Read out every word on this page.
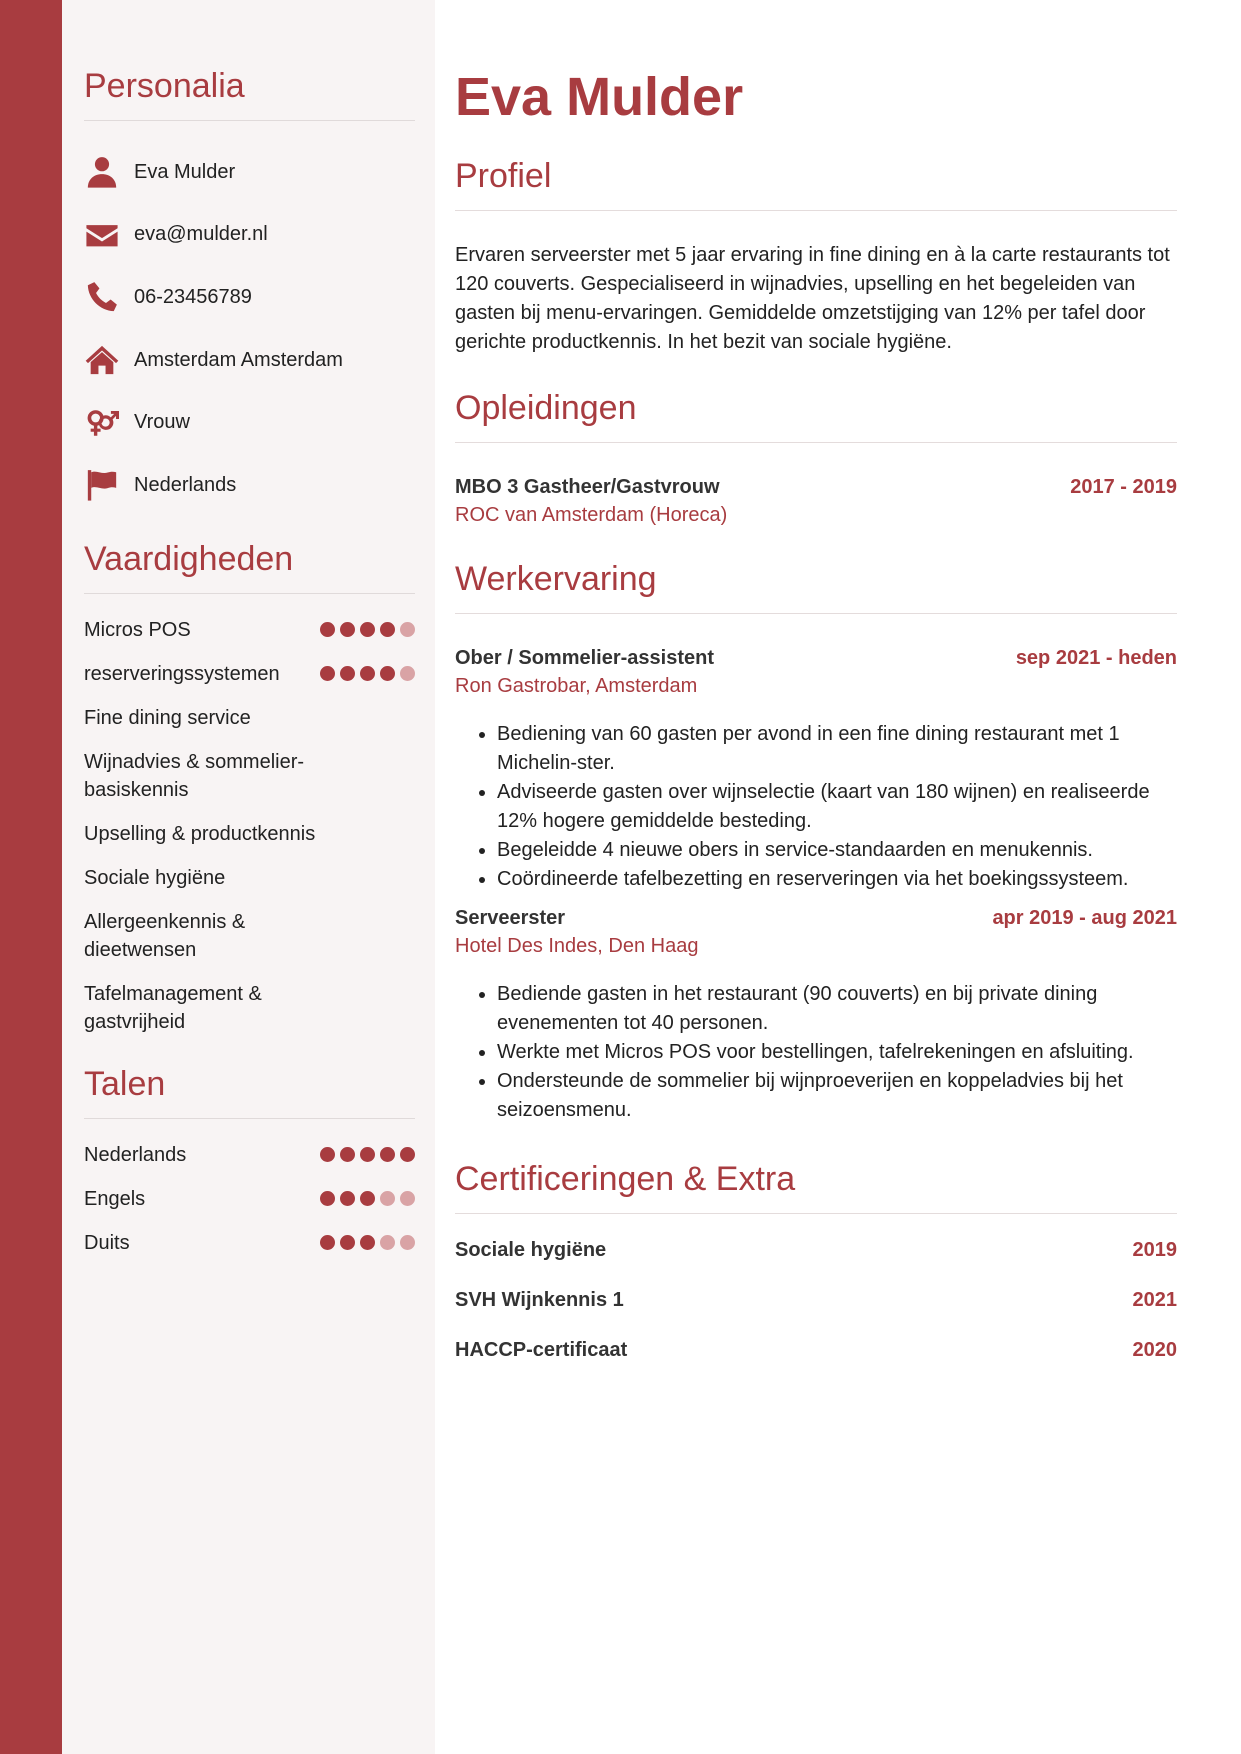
Personalia
Eva Mulder
eva@mulder.nl
06-23456789
Amsterdam Amsterdam
Vrouw
Nederlands
Vaardigheden
Micros POS
reserveringssystemen
Fine dining service
Wijnadvies & sommelier-basiskennis
Upselling & productkennis
Sociale hygiëne
Allergeenkennis & dieetwensen
Tafelmanagement & gastvrijheid
Talen
Nederlands
Engels
Duits
Eva Mulder
Profiel

Ervaren serveerster met 5 jaar ervaring in fine dining en à la carte restaurants tot 120 couverts. Gespecialiseerd in wijnadvies, upselling en het begeleiden van gasten bij menu-ervaringen. Gemiddelde omzetstijging van 12% per tafel door gerichte productkennis. In het bezit van sociale hygiëne.

Opleidingen
MBO 3 Gastheer/Gastvrouw	2017 - 2019
ROC van Amsterdam (Horeca)
Werkervaring
Ober / Sommelier-assistent	sep 2021 - heden
Ron Gastrobar, Amsterdam
• Bediening van 60 gasten per avond in een fine dining restaurant met 1 Michelin-ster.
• Adviseerde gasten over wijnselectie (kaart van 180 wijnen) en realiseerde 12% hogere gemiddelde besteding.
• Begeleidde 4 nieuwe obers in service-standaarden en menukennis.
• Coördineerde tafelbezetting en reserveringen via het boekingssysteem.
Serveerster	apr 2019 - aug 2021
Hotel Des Indes, Den Haag
• Bediende gasten in het restaurant (90 couverts) en bij private dining evenementen tot 40 personen.
• Werkte met Micros POS voor bestellingen, tafelrekeningen en afsluiting.
• Ondersteunde de sommelier bij wijnproeverijen en koppeladvies bij het seizoensmenu.
Certificeringen & Extra
Sociale hygiëne	2019
SVH Wijnkennis 1	2021
HACCP-certificaat	2020
